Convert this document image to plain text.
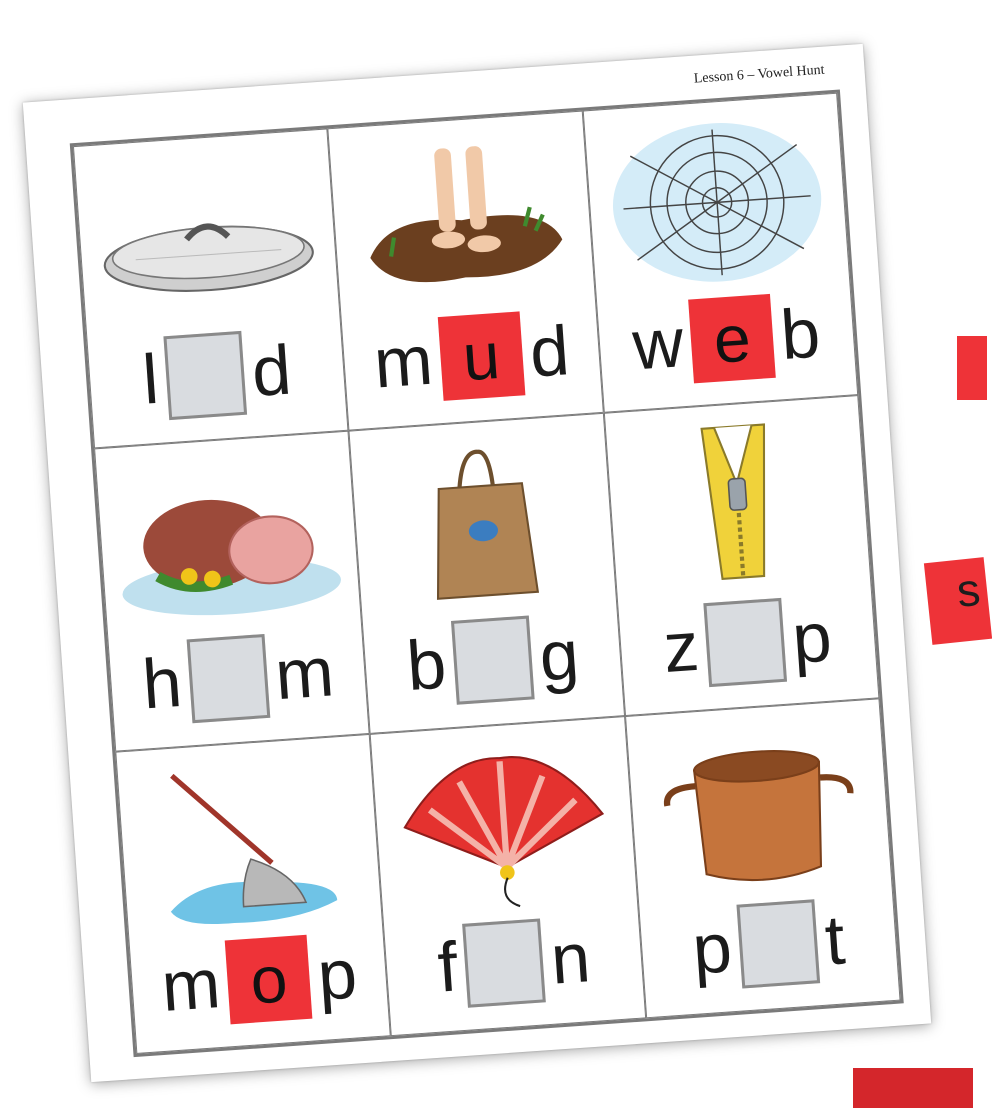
s
Lesson 6 – Vowel Hunt
l d m u d w e b
h m b g z p
m o p f n p t
